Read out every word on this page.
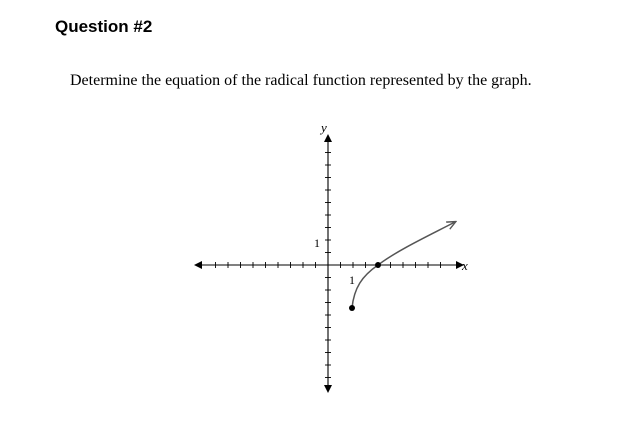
Question #2
Determine the equation of the radical function represented by the graph.
y
x
1
1
